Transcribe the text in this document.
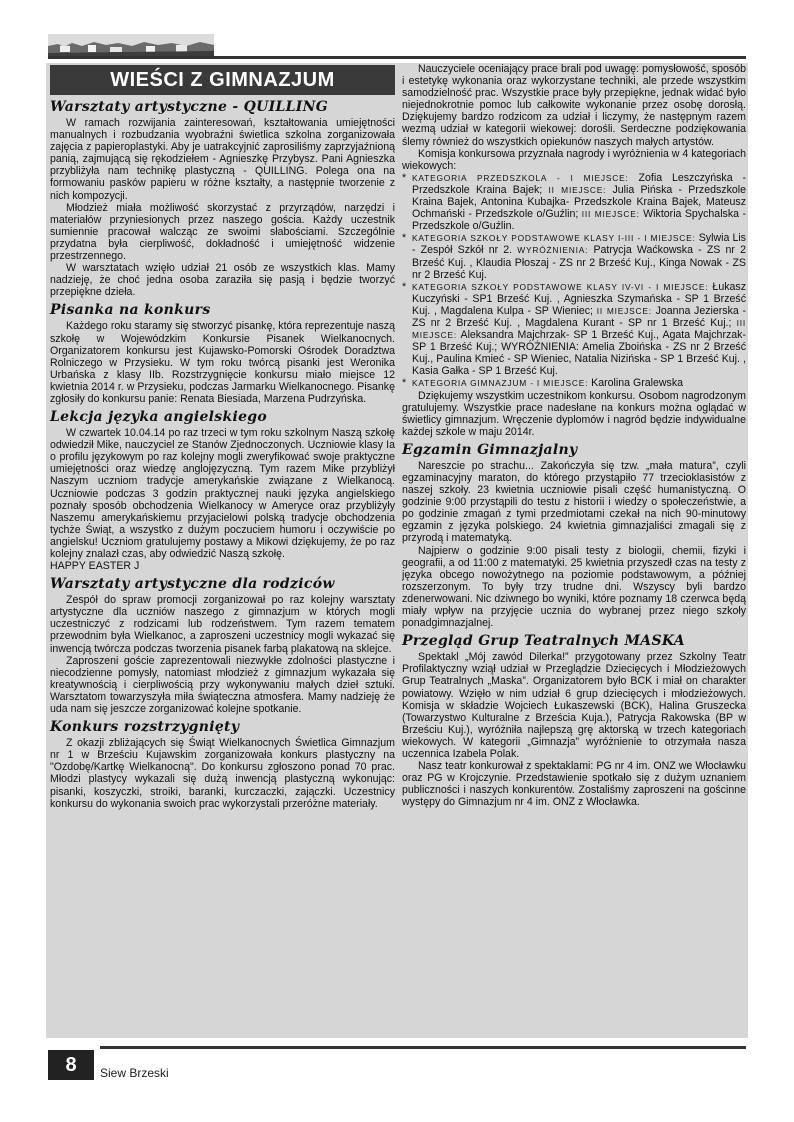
WIEŚCI Z GIMNAZJUM
Warsztaty artystyczne - QUILLING

W ramach rozwijania zainteresowań, kształtowania umiejętności manualnych i rozbudzania wyobraźni świetlica szkolna zorganizowała zajęcia z papieroplastyki. Aby je uatrakcyjnić zaprosiliśmy zaprzyjaźnioną panią, zajmującą się rękodziełem - Agnieszkę Przybysz. Pani Agnieszka przybliżyła nam technikę plastyczną - QUILLING. Polega ona na formowaniu pasków papieru w różne kształty, a następnie tworzenie z nich kompozycji.

Młodzież miała możliwość skorzystać z przyrządów, narzędzi i materiałów przyniesionych przez naszego gościa. Każdy uczestnik sumiennie pracował walcząc ze swoimi słabościami. Szczególnie przydatna była cierpliwość, dokładność i umiejętność widzenie przestrzennego.

W warsztatach wzięło udział 21 osób ze wszystkich klas. Mamy nadzieję, że choć jedna osoba zaraziła się pasją i będzie tworzyć przepiękne dzieła.

Pisanka na konkurs

Każdego roku staramy się stworzyć pisankę, która reprezentuje naszą szkołę w Wojewódzkim Konkursie Pisanek Wielkanocnych. Organizatorem konkursu jest Kujawsko-Pomorski Ośrodek Doradztwa Rolniczego w Przysieku. W tym roku twórcą pisanki jest Weronika Urbańska z klasy IIb. Rozstrzygnięcie konkursu miało miejsce 12 kwietnia 2014 r. w Przysieku, podczas Jarmarku Wielkanocnego. Pisankę zgłosiły do konkursu panie: Renata Biesiada, Marzena Pudrzyńska.

Lekcja języka angielskiego

W czwartek 10.04.14 po raz trzeci w tym roku szkolnym Naszą szkołę odwiedził Mike, nauczyciel ze Stanów Zjednoczonych. Uczniowie klasy Ia o profilu językowym po raz kolejny mogli zweryfikować swoje praktyczne umiejętności oraz wiedzę anglojęzyczną. Tym razem Mike przybliżył Naszym uczniom tradycje amerykańskie związane z Wielkanocą. Uczniowie podczas 3 godzin praktycznej nauki języka angielskiego poznały sposób obchodzenia Wielkanocy w Ameryce oraz przybliżyły Naszemu amerykańskiemu przyjacielowi polską tradycje obchodzenia tychże Świąt, a wszystko z dużym poczuciem humoru i oczywiście po angielsku! Uczniom gratulujemy postawy a Mikowi dziękujemy, że po raz kolejny znalazł czas, aby odwiedzić Naszą szkołę.

HAPPY EASTER J

Warsztaty artystyczne dla rodziców

Zespół do spraw promocji zorganizował po raz kolejny warsztaty artystyczne dla uczniów naszego z gimnazjum w których mogli uczestniczyć z rodzicami lub rodzeństwem. Tym razem tematem przewodnim była Wielkanoc, a zaproszeni uczestnicy mogli wykazać się inwencją twórcza podczas tworzenia pisanek farbą plakatową na sklejce.

Zaproszeni goście zaprezentowali niezwykłe zdolności plastyczne i niecodzienne pomysły, natomiast młodzież z gimnazjum wykazała się kreatywnością i cierpliwością przy wykonywaniu małych dzieł sztuki. Warsztatom towarzyszyła miła świąteczna atmosfera. Mamy nadzieję że uda nam się jeszcze zorganizować kolejne spotkanie.

Konkurs rozstrzygnięty

Z okazji zbliżających się Świąt Wielkanocnych Świetlica Gimnazjum nr 1 w Brześciu Kujawskim zorganizowała konkurs plastyczny na "Ozdobę/Kartkę Wielkanocną". Do konkursu zgłoszono ponad 70 prac. Młodzi plastycy wykazali się dużą inwencją plastyczną wykonując: pisanki, koszyczki, stroiki, baranki, kurczaczki, zajączki. Uczestnicy konkursu do wykonania swoich prac wykorzystali przeróżne materiały.

Nauczyciele oceniający prace brali pod uwagę: pomysłowość, sposób i estetykę wykonania oraz wykorzystane techniki, ale przede wszystkim samodzielność prac. Wszystkie prace były przepiękne, jednak widać było niejednokrotnie pomoc lub całkowite wykonanie przez osobę dorosłą. Dziękujemy bardzo rodzicom za udział i liczymy, że następnym razem wezmą udział w kategorii wiekowej: dorośli. Serdeczne podziękowania ślemy również do wszystkich opiekunów naszych małych artystów.

Komisja konkursowa przyznała nagrody i wyróżnienia w 4 kategoriach wiekowych:

* KATEGORIA PRZEDSZKOLA - I MIEJSCE: Zofia Leszczyńska - Przedszkole Kraina Bajek; II MIEJSCE: Julia Pińska - Przedszkole Kraina Bajek, Antonina Kubajka- Przedszkole Kraina Bajek, Mateusz Ochmański - Przedszkole o/Guźlin; III MIEJSCE: Wiktoria Spychalska - Przedszkole o/Guźlin.

* KATEGORIA SZKOŁY PODSTAWOWE KLASY I-III - I MIEJSCE: Sylwia Lis - Zespół Szkół nr 2. WYRÓŻNIENIA: Patrycja Waćkowska - ZS nr 2 Brześć Kuj. , Klaudia Płoszaj - ZS nr 2 Brześć Kuj., Kinga Nowak - ZS nr 2 Brześć Kuj.

* KATEGORIA SZKOŁY PODSTAWOWE KLASY IV-VI - I MIEJSCE: Łukasz Kuczyński - SP1 Brześć Kuj. , Agnieszka Szymańska - SP 1 Brześć Kuj. , Magdalena Kulpa - SP Wieniec; II MIEJSCE: Joanna Jezierska - ZS nr 2 Brześć Kuj. , Magdalena Kurant - SP nr 1 Brześć Kuj.; III MIEJSCE: Aleksandra Majchrzak- SP 1 Brześć Kuj., Agata Majchrzak- SP 1 Brześć Kuj.; WYRÓŻNIENIA: Amelia Zboińska - ZS nr 2 Brześć Kuj., Paulina Kmieć - SP Wieniec, Natalia Nizińska - SP 1 Brześć Kuj. , Kasia Gałka - SP 1 Brześć Kuj.

* KATEGORIA GIMNAZJUM - I MIEJSCE: Karolina Gralewska

Dziękujemy wszystkim uczestnikom konkursu. Osobom nagrodzonym gratulujemy. Wszystkie prace nadesłane na konkurs można oglądać w świetlicy gimnazjum. Wręczenie dyplomów i nagród będzie indywidualne każdej szkole w maju 2014r.

Egzamin Gimnazjalny

Nareszcie po strachu... Zakończyła się tzw. „mała matura”, czyli egzaminacyjny maraton, do którego przystąpiło 77 trzecioklasistów z naszej szkoły. 23 kwietnia uczniowie pisali część humanistyczną. O godzinie 9:00 przystąpili do testu z historii i wiedzy o społeczeństwie, a po godzinie zmagań z tymi przedmiotami czekał na nich 90-minutowy egzamin z języka polskiego. 24 kwietnia gimnazjaliści zmagali się z przyrodą i matematyką.

Najpierw o godzinie 9:00 pisali testy z biologii, chemii, fizyki i geografii, a od 11:00 z matematyki. 25 kwietnia przyszedł czas na testy z języka obcego nowożytnego na poziomie podstawowym, a później rozszerzonym. To były trzy trudne dni. Wszyscy byli bardzo zdenerwowani. Nic dziwnego bo wyniki, które poznamy 18 czerwca będą miały wpływ na przyjęcie ucznia do wybranej przez niego szkoły ponadgimnazjalnej.

Przegląd Grup Teatralnych MASKA

Spektakl „Mój zawód Dilerka!” przygotowany przez Szkolny Teatr Profilaktyczny wziął udział w Przeglądzie Dziecięcych i Młodzieżowych Grup Teatralnych „Maska”. Organizatorem było BCK i miał on charakter powiatowy. Wzięło w nim udział 6 grup dziecięcych i młodzieżowych. Komisja w składzie Wojciech Łukaszewski (BCK), Halina Gruszecka (Towarzystwo Kulturalne z Brześcia Kuja.), Patrycja Rakowska (BP w Brześciu Kuj.), wyróżniła najlepszą grę aktorską w trzech kategoriach wiekowych. W kategorii „Gimnazja” wyróżnienie to otrzymała nasza uczennica Izabela Polak.

Nasz teatr konkurował z spektaklami: PG nr 4 im. ONZ we Włocławku oraz PG w Krojczynie. Przedstawienie spotkało się z dużym uznaniem publiczności i naszych konkurentów. Zostaliśmy zaproszeni na gościnne występy do Gimnazjum nr 4 im. ONZ z Włocławka.

8	Siew Brzeski
